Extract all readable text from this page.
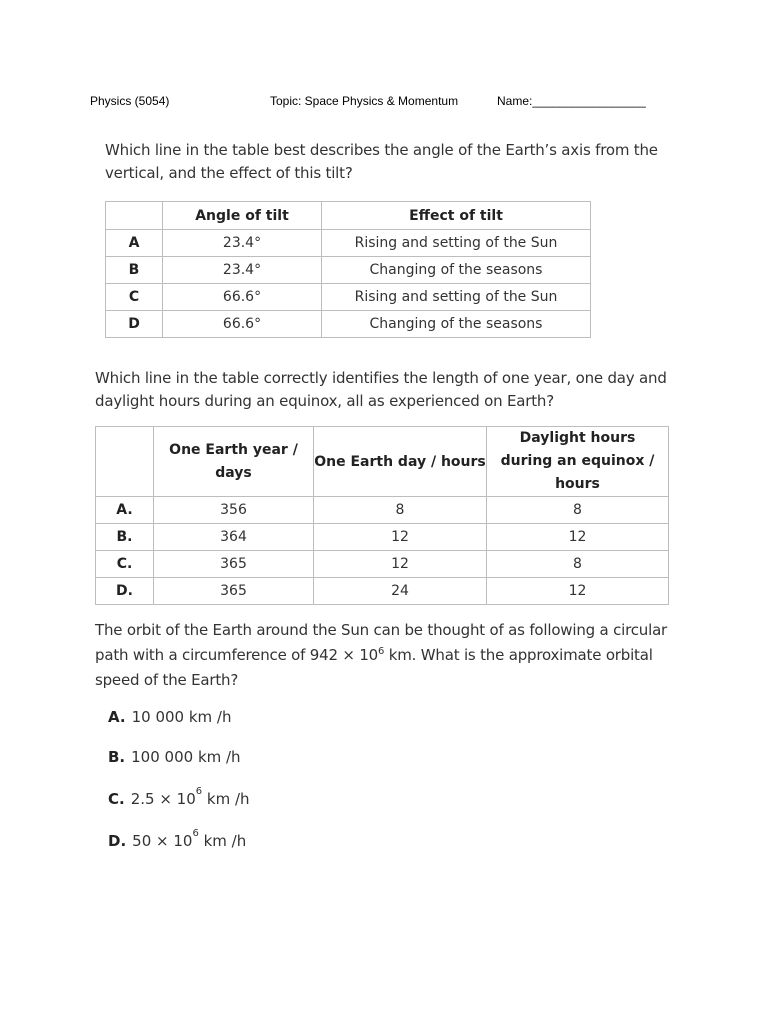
Physics (5054)	Topic: Space Physics & Momentum	Name:_________________
Which line in the table best describes the angle of the Earth’s axis from the vertical, and the effect of this tilt?
	Angle of tilt	Effect of tilt
A	23.4°	Rising and setting of the Sun
B	23.4°	Changing of the seasons
C	66.6°	Rising and setting of the Sun
D	66.6°	Changing of the seasons
Which line in the table correctly identifies the length of one year, one day and daylight hours during an equinox, all as experienced on Earth?
	One Earth year / days	One Earth day / hours	Daylight hours during an equinox / hours
A.	356	8	8
B.	364	12	12
C.	365	12	8
D.	365	24	12
The orbit of the Earth around the Sun can be thought of as following a circular path with a circumference of $942 \times 10^6$ km. What is the approximate orbital speed of the Earth?
A. 10 000 km /h
B. 100 000 km /h
C. $2.5 \times 10^6$ km /h
D. $50 \times 10^6$ km /h
